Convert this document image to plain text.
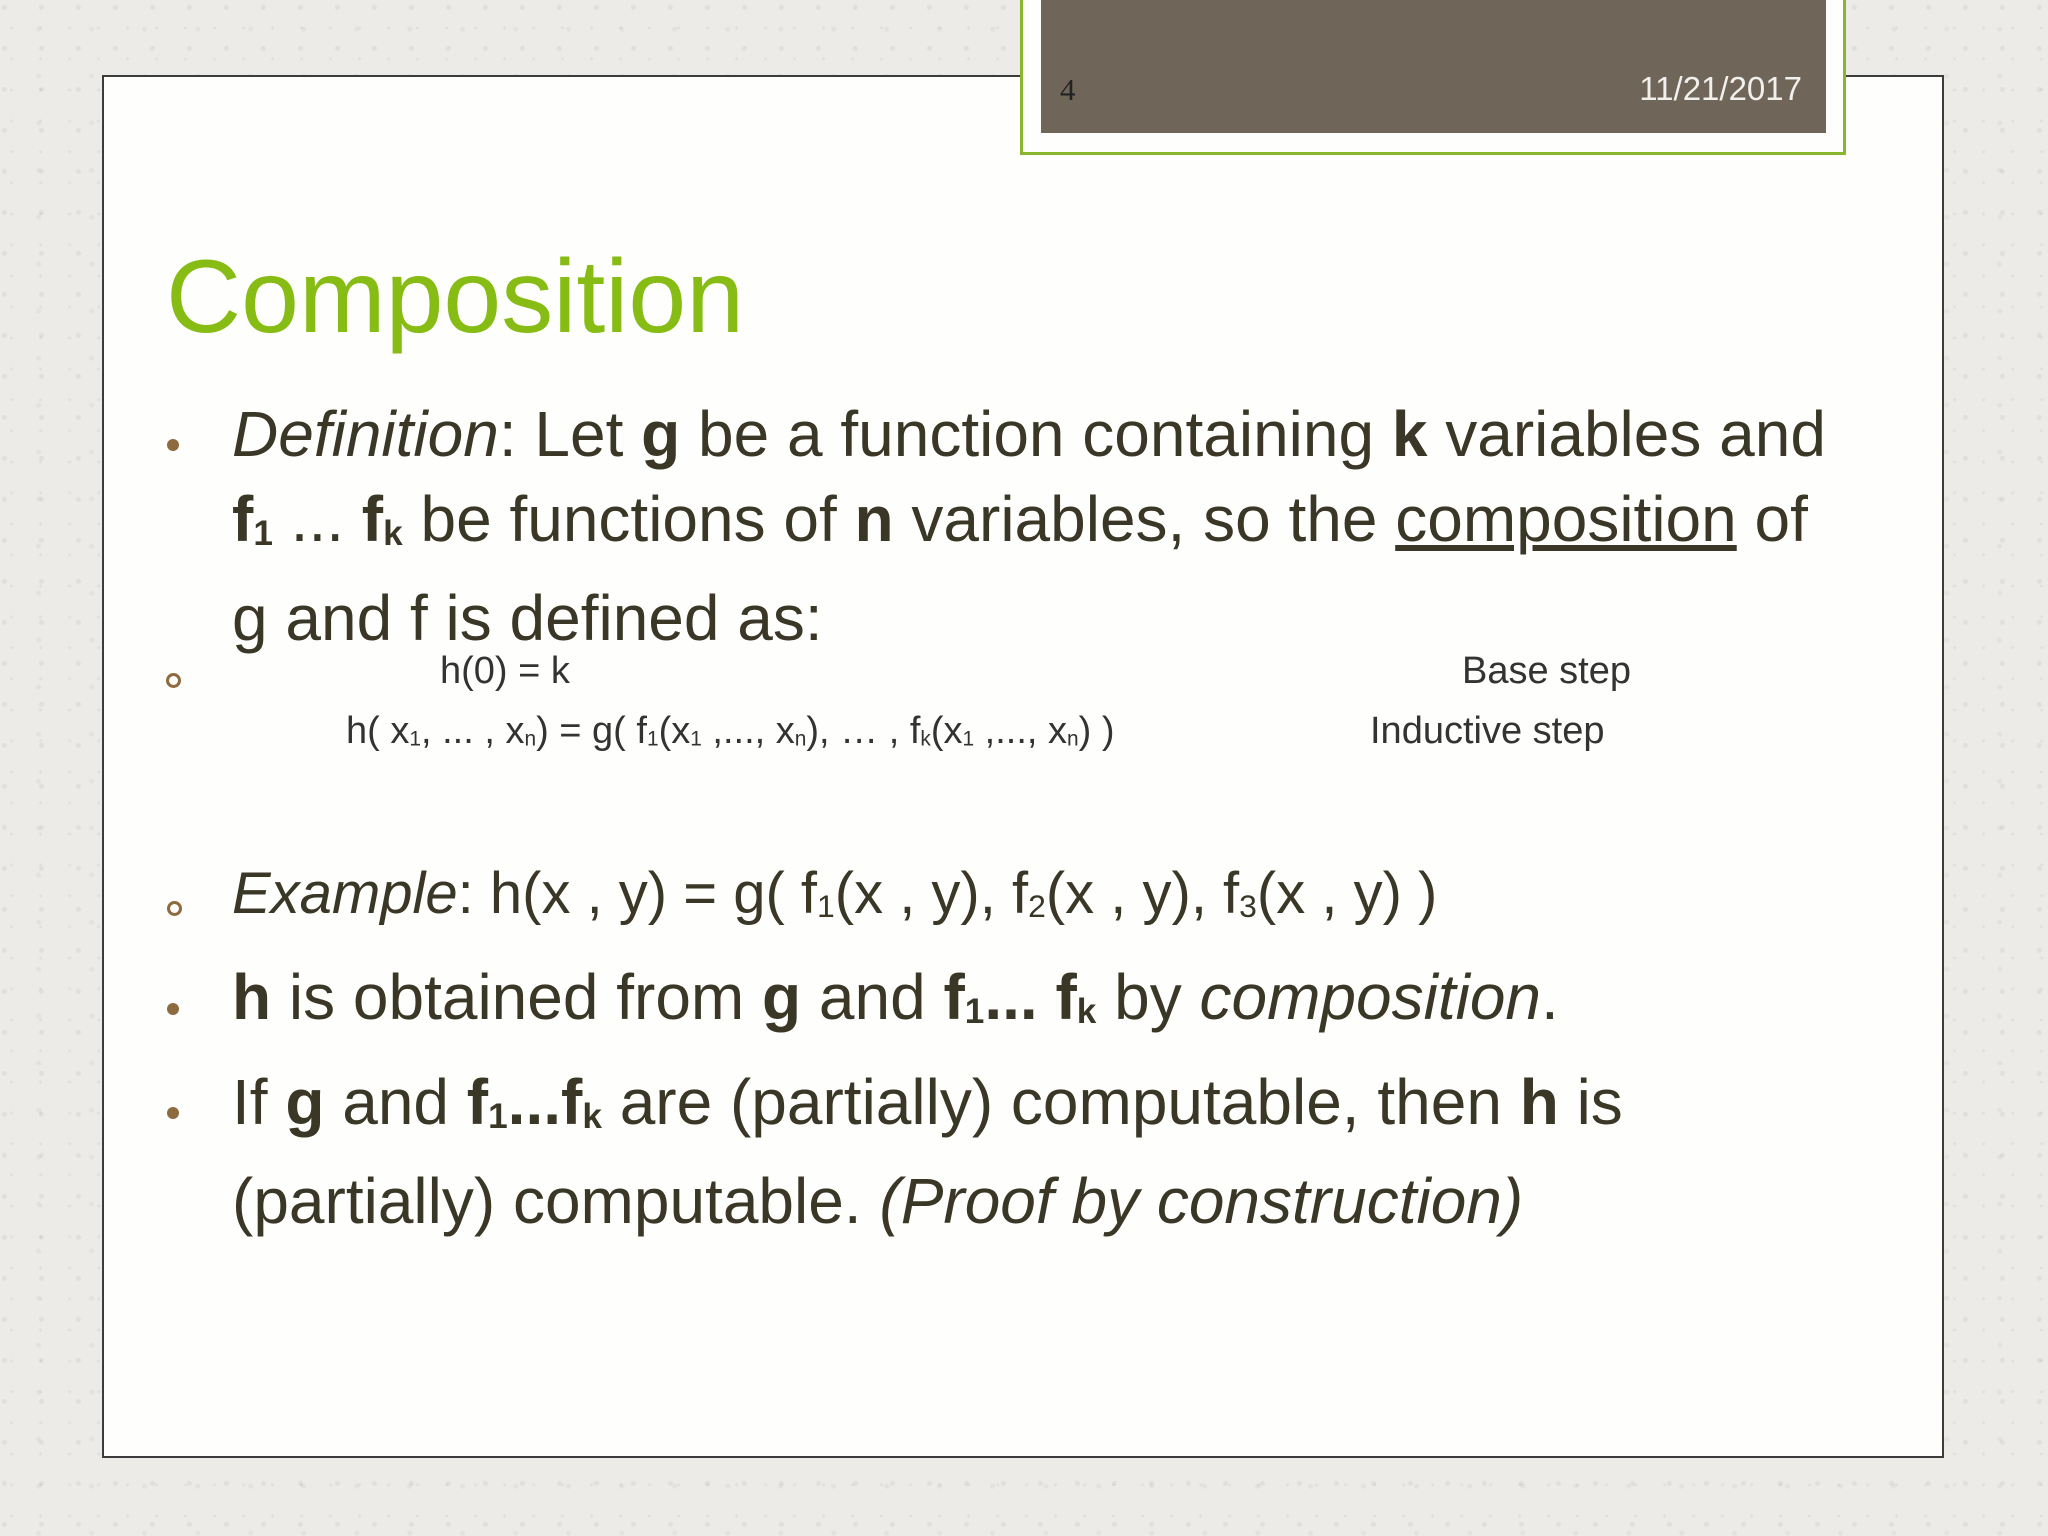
4	11/21/2017
Composition
Definition: Let g be a function containing k variables and
f1 ... fk be functions of n variables, so the composition of
g and f is defined as:
h(0) = k	Base step
h( x1, ... , xn) = g( f1(x1 ,..., xn), … , fk(x1 ,..., xn) )	Inductive step
Example: h(x , y) = g( f1(x , y), f2(x , y), f3(x , y) )
h is obtained from g and f1... fk by composition.
If g and f1...fk are (partially) computable, then h is
(partially) computable. (Proof by construction)
